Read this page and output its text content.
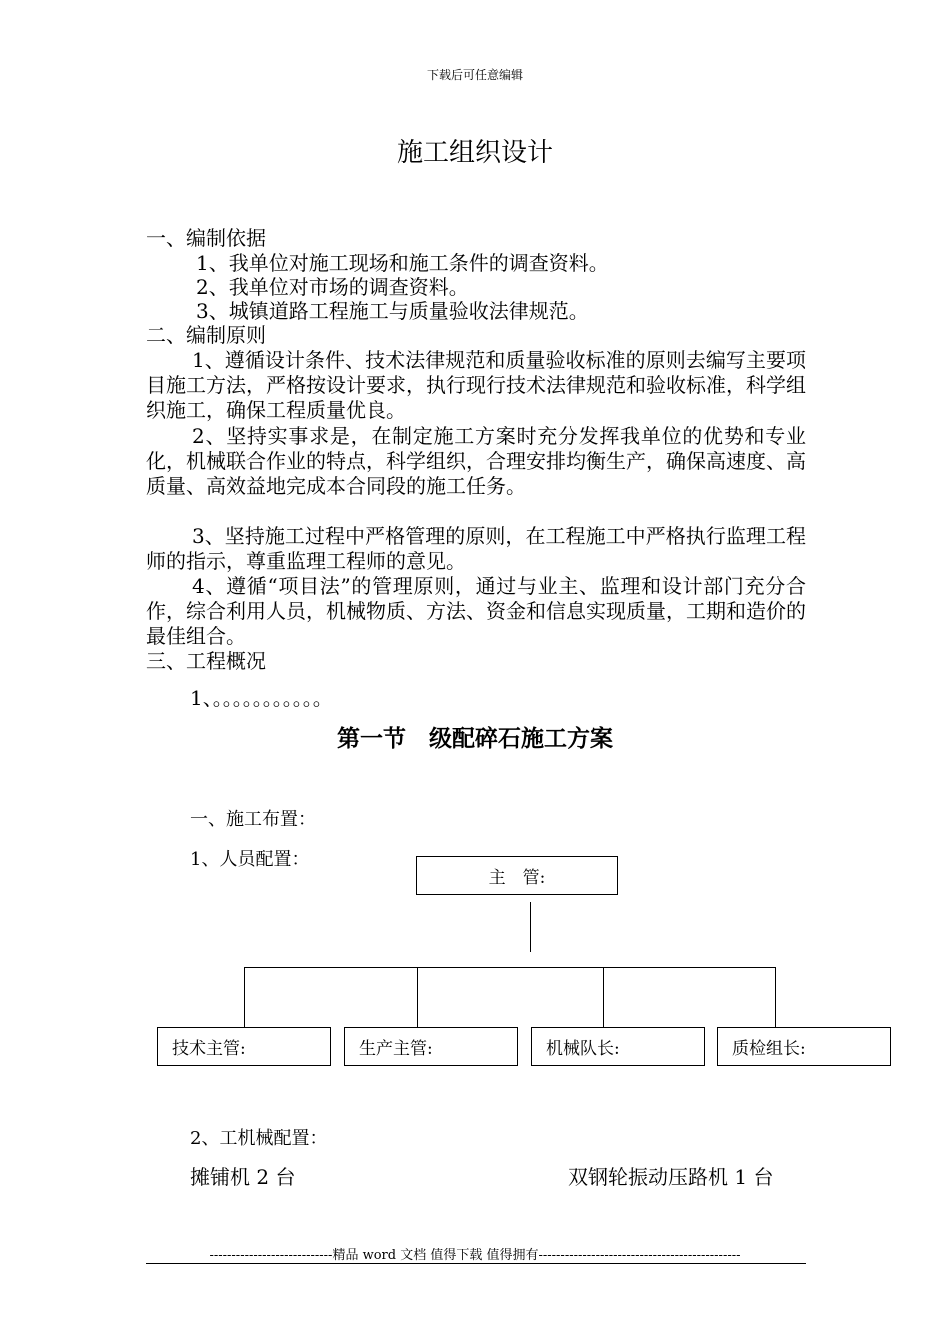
下载后可任意编辑
施工组织设计
一、编制依据
1、我单位对施工现场和施工条件的调查资料。
2、我单位对市场的调查资料。
3、城镇道路工程施工与质量验收法律规范。
二、编制原则
1、遵循设计条件、技术法律规范和质量验收标准的原则去编写主要项目施工方法，严格按设计要求，执行现行技术法律规范和验收标准，科学组织施工，确保工程质量优良。
2、坚持实事求是，在制定施工方案时充分发挥我单位的优势和专业化，机械联合作业的特点，科学组织，合理安排均衡生产，确保高速度、高质量、高效益地完成本合同段的施工任务。
3、坚持施工过程中严格管理的原则，在工程施工中严格执行监理工程师的指示，尊重监理工程师的意见。
4、遵循“项目法”的管理原则，通过与业主、监理和设计部门充分合作，综合利用人员，机械物质、方法、资金和信息实现质量，工期和造价的最佳组合。
三、工程概况
1、。。。。。。。。。。。
第一节　级配碎石施工方案
一、施工布置：
1、人员配置：
主　管:
技术主管:	生产主管:	机械队长:	质检组长:
2、工机械配置：
摊铺机 2 台	双钢轮振动压路机 1 台
----------------------------精品 word 文档 值得下载 值得拥有----------------------------------------------
